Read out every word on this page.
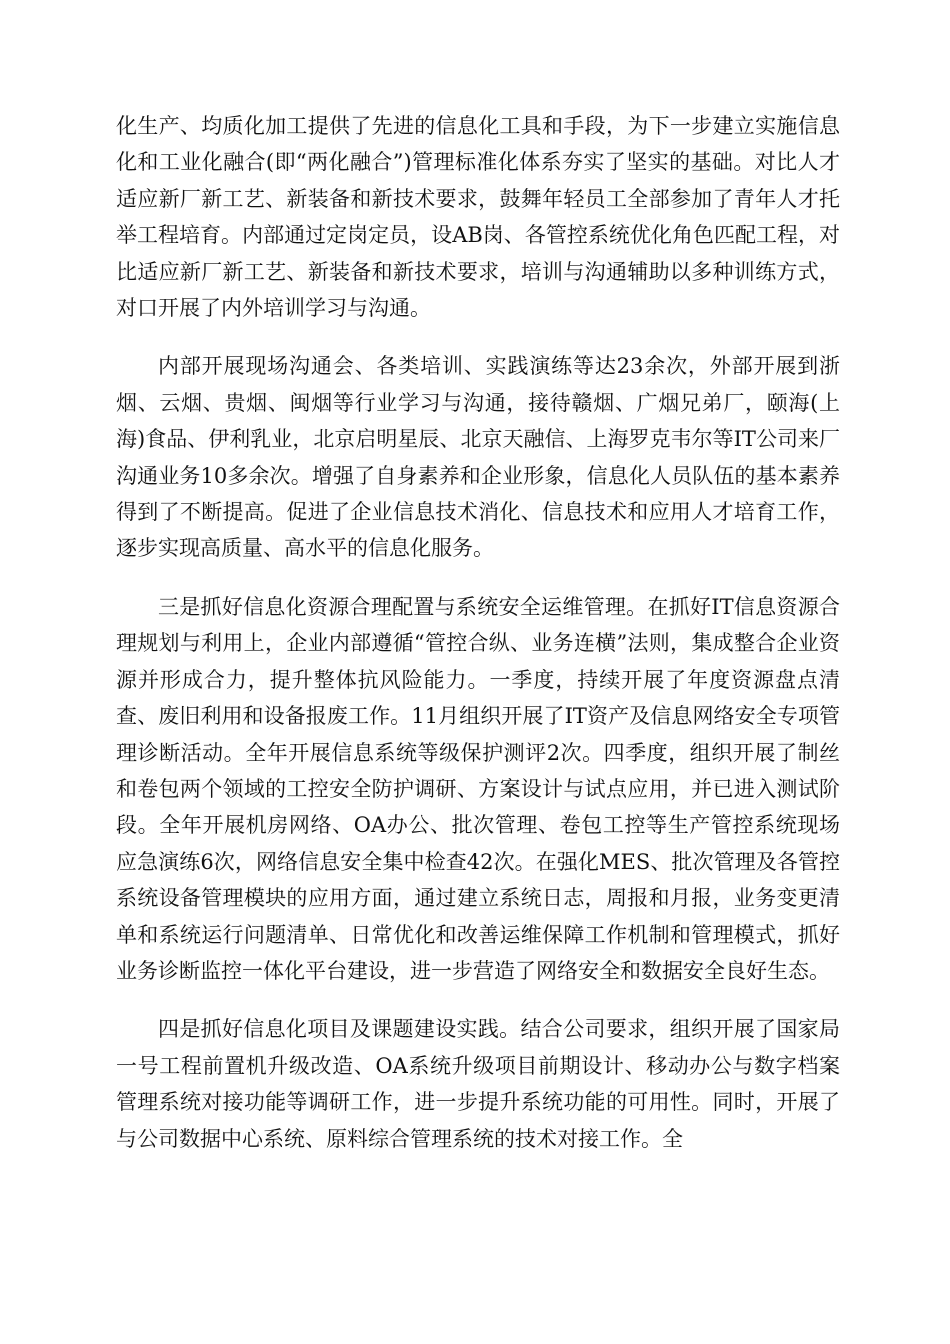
化生产、均质化加工提供了先进的信息化工具和手段，为下一步建立实施信息化和工业化融合(即“两化融合”)管理标准化体系夯实了坚实的基础。对比人才适应新厂新工艺、新装备和新技术要求，鼓舞年轻员工全部参加了青年人才托举工程培育。内部通过定岗定员，设AB岗、各管控系统优化角色匹配工程，对比适应新厂新工艺、新装备和新技术要求，培训与沟通辅助以多种训练方式，对口开展了内外培训学习与沟通。

内部开展现场沟通会、各类培训、实践演练等达23余次，外部开展到浙烟、云烟、贵烟、闽烟等行业学习与沟通，接待赣烟、广烟兄弟厂，颐海(上海)食品、伊利乳业，北京启明星辰、北京天融信、上海罗克韦尔等IT公司来厂沟通业务10多余次。增强了自身素养和企业形象，信息化人员队伍的基本素养得到了不断提高。促进了企业信息技术消化、信息技术和应用人才培育工作，逐步实现高质量、高水平的信息化服务。

三是抓好信息化资源合理配置与系统安全运维管理。在抓好IT信息资源合理规划与利用上，企业内部遵循“管控合纵、业务连横”法则，集成整合企业资源并形成合力，提升整体抗风险能力。一季度，持续开展了年度资源盘点清查、废旧利用和设备报废工作。11月组织开展了IT资产及信息网络安全专项管理诊断活动。全年开展信息系统等级保护测评2次。四季度，组织开展了制丝和卷包两个领域的工控安全防护调研、方案设计与试点应用，并已进入测试阶段。全年开展机房网络、OA办公、批次管理、卷包工控等生产管控系统现场应急演练6次，网络信息安全集中检查42次。在强化MES、批次管理及各管控系统设备管理模块的应用方面，通过建立系统日志，周报和月报，业务变更清单和系统运行问题清单、日常优化和改善运维保障工作机制和管理模式，抓好业务诊断监控一体化平台建设，进一步营造了网络安全和数据安全良好生态。

四是抓好信息化项目及课题建设实践。结合公司要求，组织开展了国家局一号工程前置机升级改造、OA系统升级项目前期设计、移动办公与数字档案管理系统对接功能等调研工作，进一步提升系统功能的可用性。同时，开展了与公司数据中心系统、原料综合管理系统的技术对接工作。全
